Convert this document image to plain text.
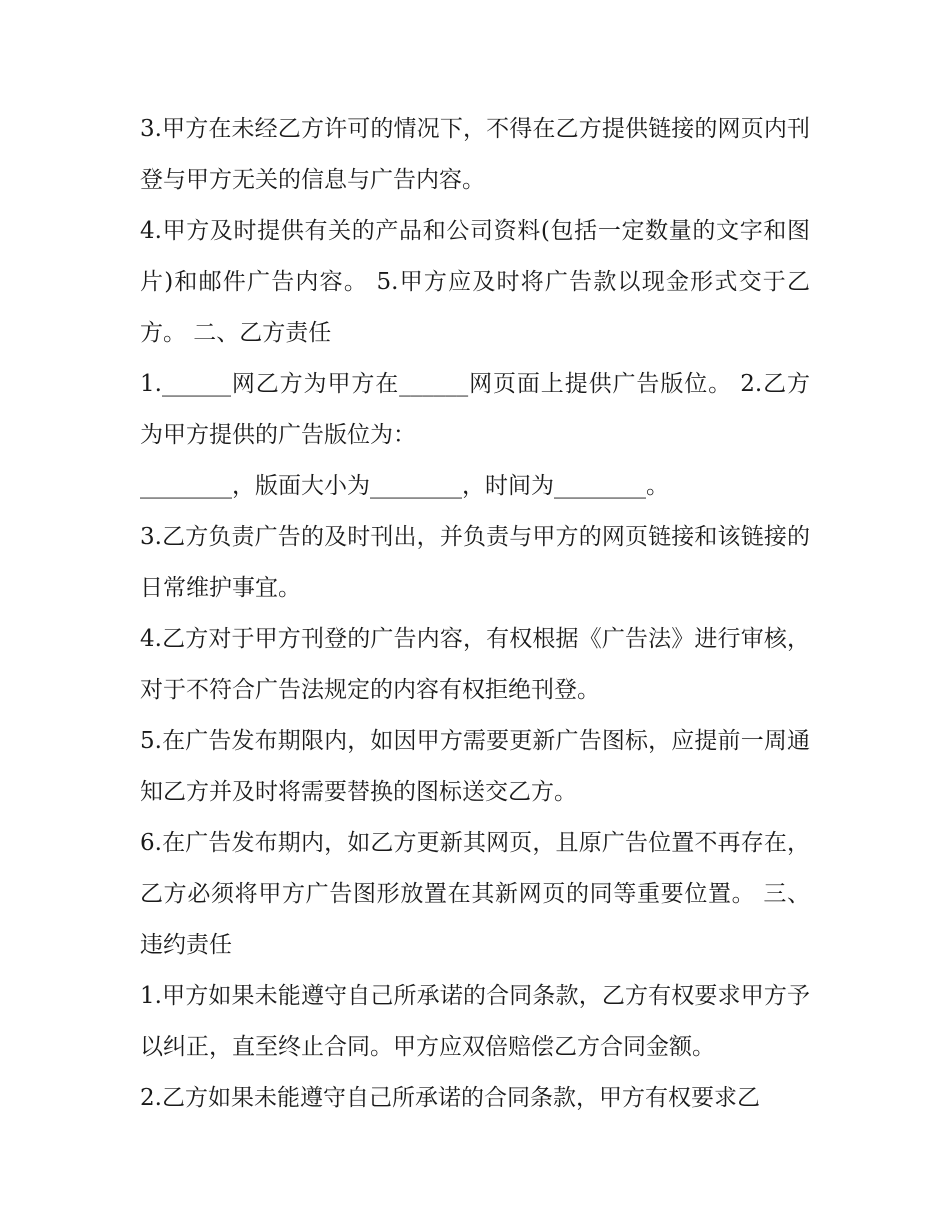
3.甲方在未经乙方许可的情况下，不得在乙方提供链接的网页内刊登与甲方无关的信息与广告内容。

4.甲方及时提供有关的产品和公司资料(包括一定数量的文字和图片)和邮件广告内容。 5.甲方应及时将广告款以现金形式交于乙方。 二、乙方责任

1.______网乙方为甲方在______网页面上提供广告版位。 2.乙方为甲方提供的广告版位为：

________，版面大小为________，时间为________。

3.乙方负责广告的及时刊出，并负责与甲方的网页链接和该链接的日常维护事宜。

4.乙方对于甲方刊登的广告内容，有权根据《广告法》进行审核，对于不符合广告法规定的内容有权拒绝刊登。

5.在广告发布期限内，如因甲方需要更新广告图标，应提前一周通知乙方并及时将需要替换的图标送交乙方。

6.在广告发布期内，如乙方更新其网页，且原广告位置不再存在，乙方必须将甲方广告图形放置在其新网页的同等重要位置。 三、违约责任

1.甲方如果未能遵守自己所承诺的合同条款，乙方有权要求甲方予以纠正，直至终止合同。甲方应双倍赔偿乙方合同金额。

2.乙方如果未能遵守自己所承诺的合同条款，甲方有权要求乙
